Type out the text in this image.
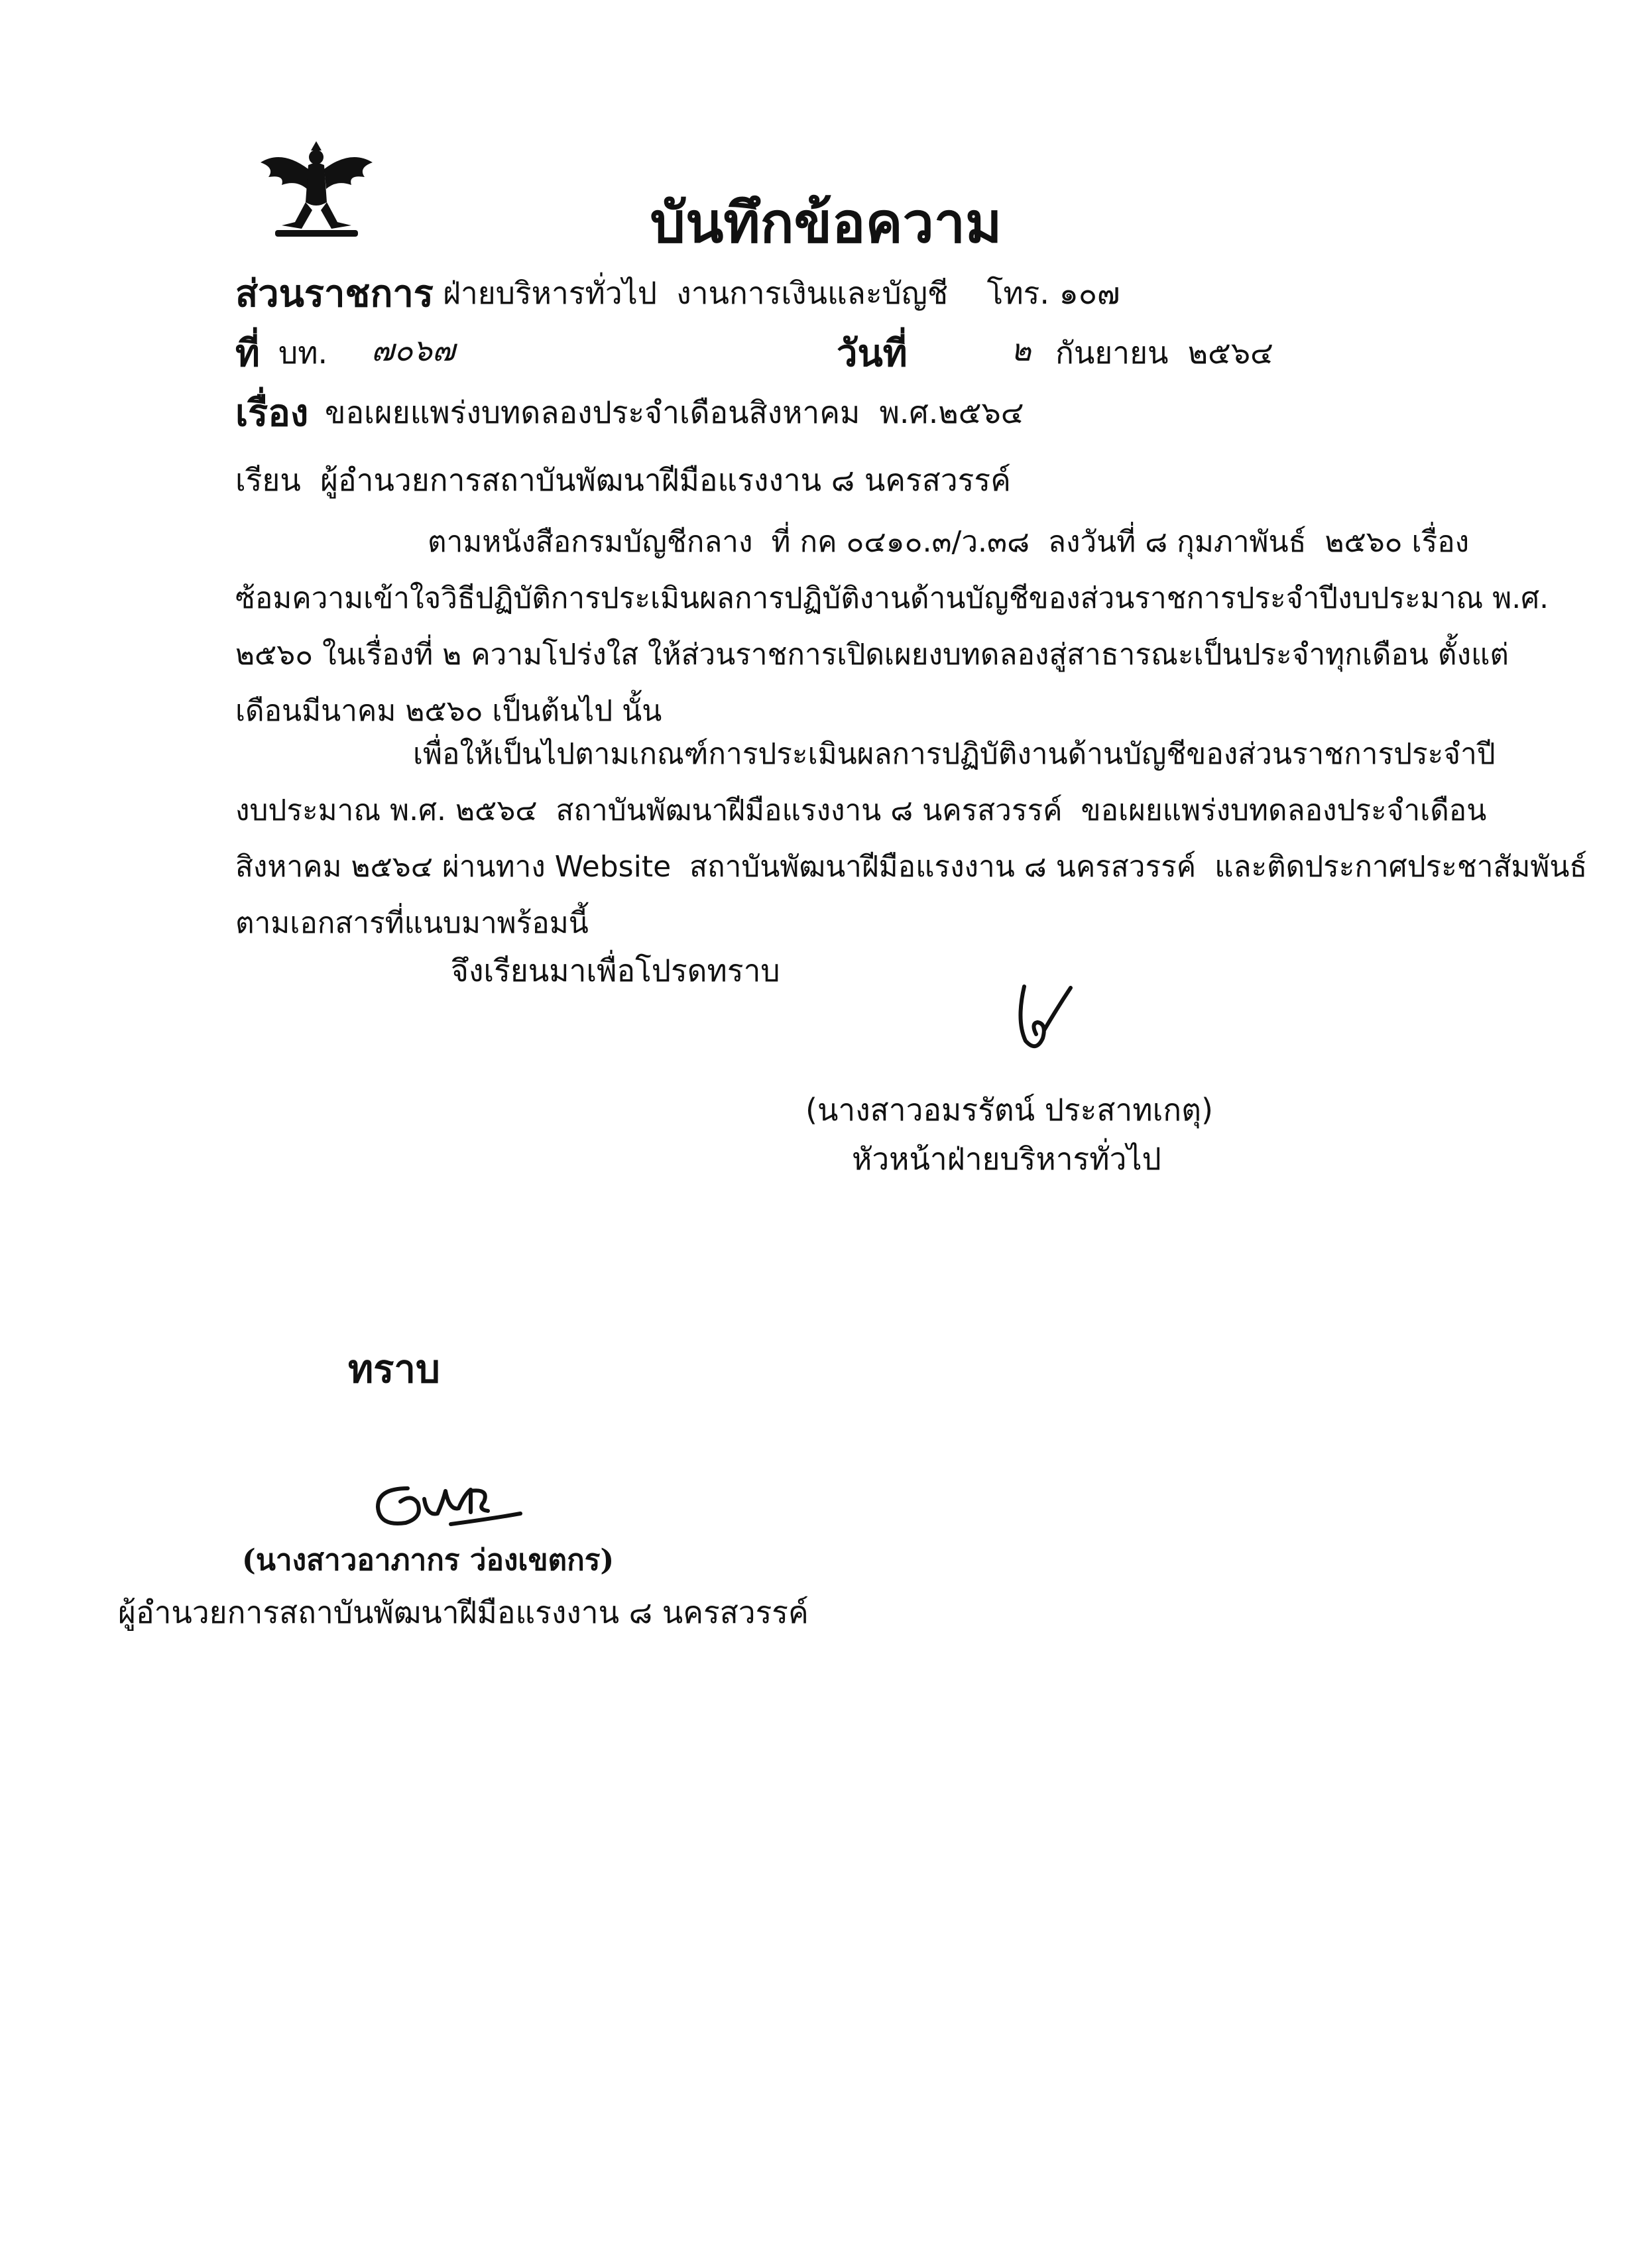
บันทึกข้อความ
ส่วนราชการ ฝ่ายบริหารทั่วไป  งานการเงินและบัญชี    โทร. ๑๐๗
ที่ บท. ๗๐๖๗	วันที่	๒ กันยายน  ๒๕๖๔
เรื่อง ขอเผยแพร่งบทดลองประจำเดือนสิงหาคม  พ.ศ.๒๕๖๔
เรียน  ผู้อำนวยการสถาบันพัฒนาฝีมือแรงงาน ๘ นครสวรรค์
ตามหนังสือกรมบัญชีกลาง  ที่ กค ๐๔๑๐.๓/ว.๓๘  ลงวันที่ ๘ กุมภาพันธ์  ๒๕๖๐ เรื่อง
ซ้อมความเข้าใจวิธีปฏิบัติการประเมินผลการปฏิบัติงานด้านบัญชีของส่วนราชการประจำปีงบประมาณ พ.ศ.
๒๕๖๐ ในเรื่องที่ ๒ ความโปร่งใส ให้ส่วนราชการเปิดเผยงบทดลองสู่สาธารณะเป็นประจำทุกเดือน ตั้งแต่
เดือนมีนาคม ๒๕๖๐ เป็นต้นไป นั้น
เพื่อให้เป็นไปตามเกณฑ์การประเมินผลการปฏิบัติงานด้านบัญชีของส่วนราชการประจำปี
งบประมาณ พ.ศ. ๒๕๖๔  สถาบันพัฒนาฝีมือแรงงาน ๘ นครสวรรค์  ขอเผยแพร่งบทดลองประจำเดือน
สิงหาคม ๒๕๖๔ ผ่านทาง Website  สถาบันพัฒนาฝีมือแรงงาน ๘ นครสวรรค์  และติดประกาศประชาสัมพันธ์
ตามเอกสารที่แนบมาพร้อมนี้
จึงเรียนมาเพื่อโปรดทราบ
(นางสาวอมรรัตน์ ประสาทเกตุ)
หัวหน้าฝ่ายบริหารทั่วไป
ทราบ
(นางสาวอาภากร ว่องเขตกร)
ผู้อำนวยการสถาบันพัฒนาฝีมือแรงงาน ๘ นครสวรรค์
